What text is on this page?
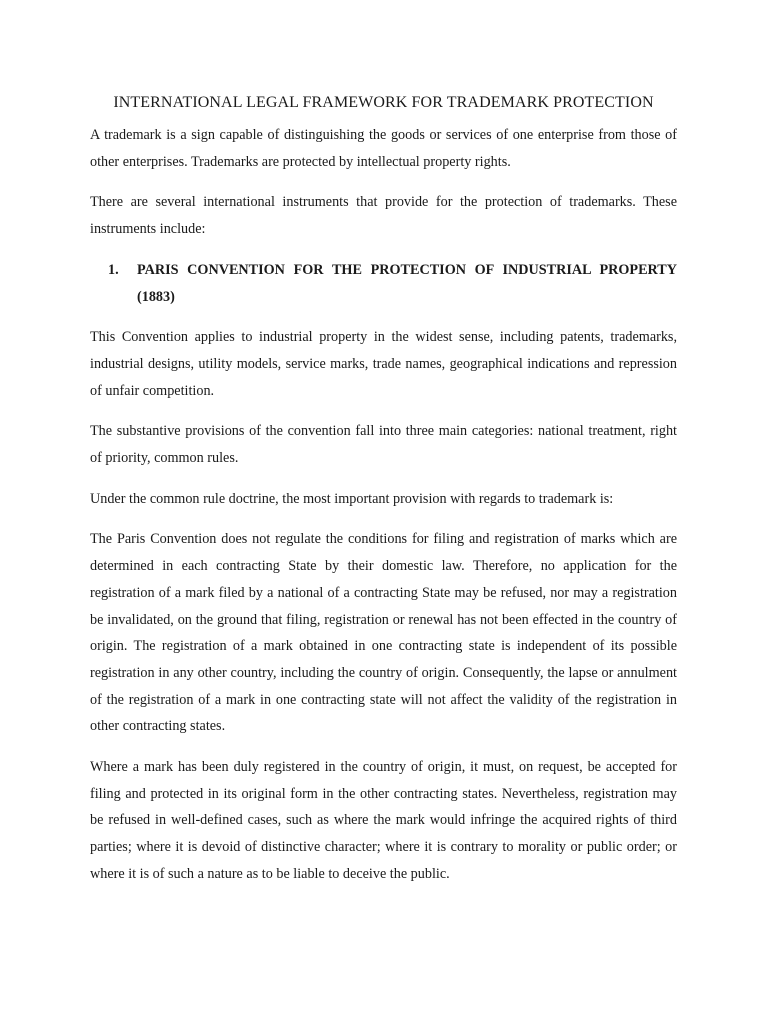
INTERNATIONAL LEGAL FRAMEWORK FOR TRADEMARK PROTECTION

A trademark is a sign capable of distinguishing the goods or services of one enterprise from those of other enterprises. Trademarks are protected by intellectual property rights.

There are several international instruments that provide for the protection of trademarks. These instruments include:

1.	PARIS CONVENTION FOR THE PROTECTION OF INDUSTRIAL PROPERTY (1883)

This Convention applies to industrial property in the widest sense, including patents, trademarks, industrial designs, utility models, service marks, trade names, geographical indications and repression of unfair competition.

The substantive provisions of the convention fall into three main categories: national treatment, right of priority, common rules.

Under the common rule doctrine, the most important provision with regards to trademark is:

The Paris Convention does not regulate the conditions for filing and registration of marks which are determined in each contracting State by their domestic law. Therefore, no application for the registration of a mark filed by a national of a contracting State may be refused, nor may a registration be invalidated, on the ground that filing, registration or renewal has not been effected in the country of origin. The registration of a mark obtained in one contracting state is independent of its possible registration in any other country, including the country of origin. Consequently, the lapse or annulment of the registration of a mark in one contracting state will not affect the validity of the registration in other contracting states.

Where a mark has been duly registered in the country of origin, it must, on request, be accepted for filing and protected in its original form in the other contracting states. Nevertheless, registration may be refused in well-defined cases, such as where the mark would infringe the acquired rights of third parties; where it is devoid of distinctive character; where it is contrary to morality or public order; or where it is of such a nature as to be liable to deceive the public.
